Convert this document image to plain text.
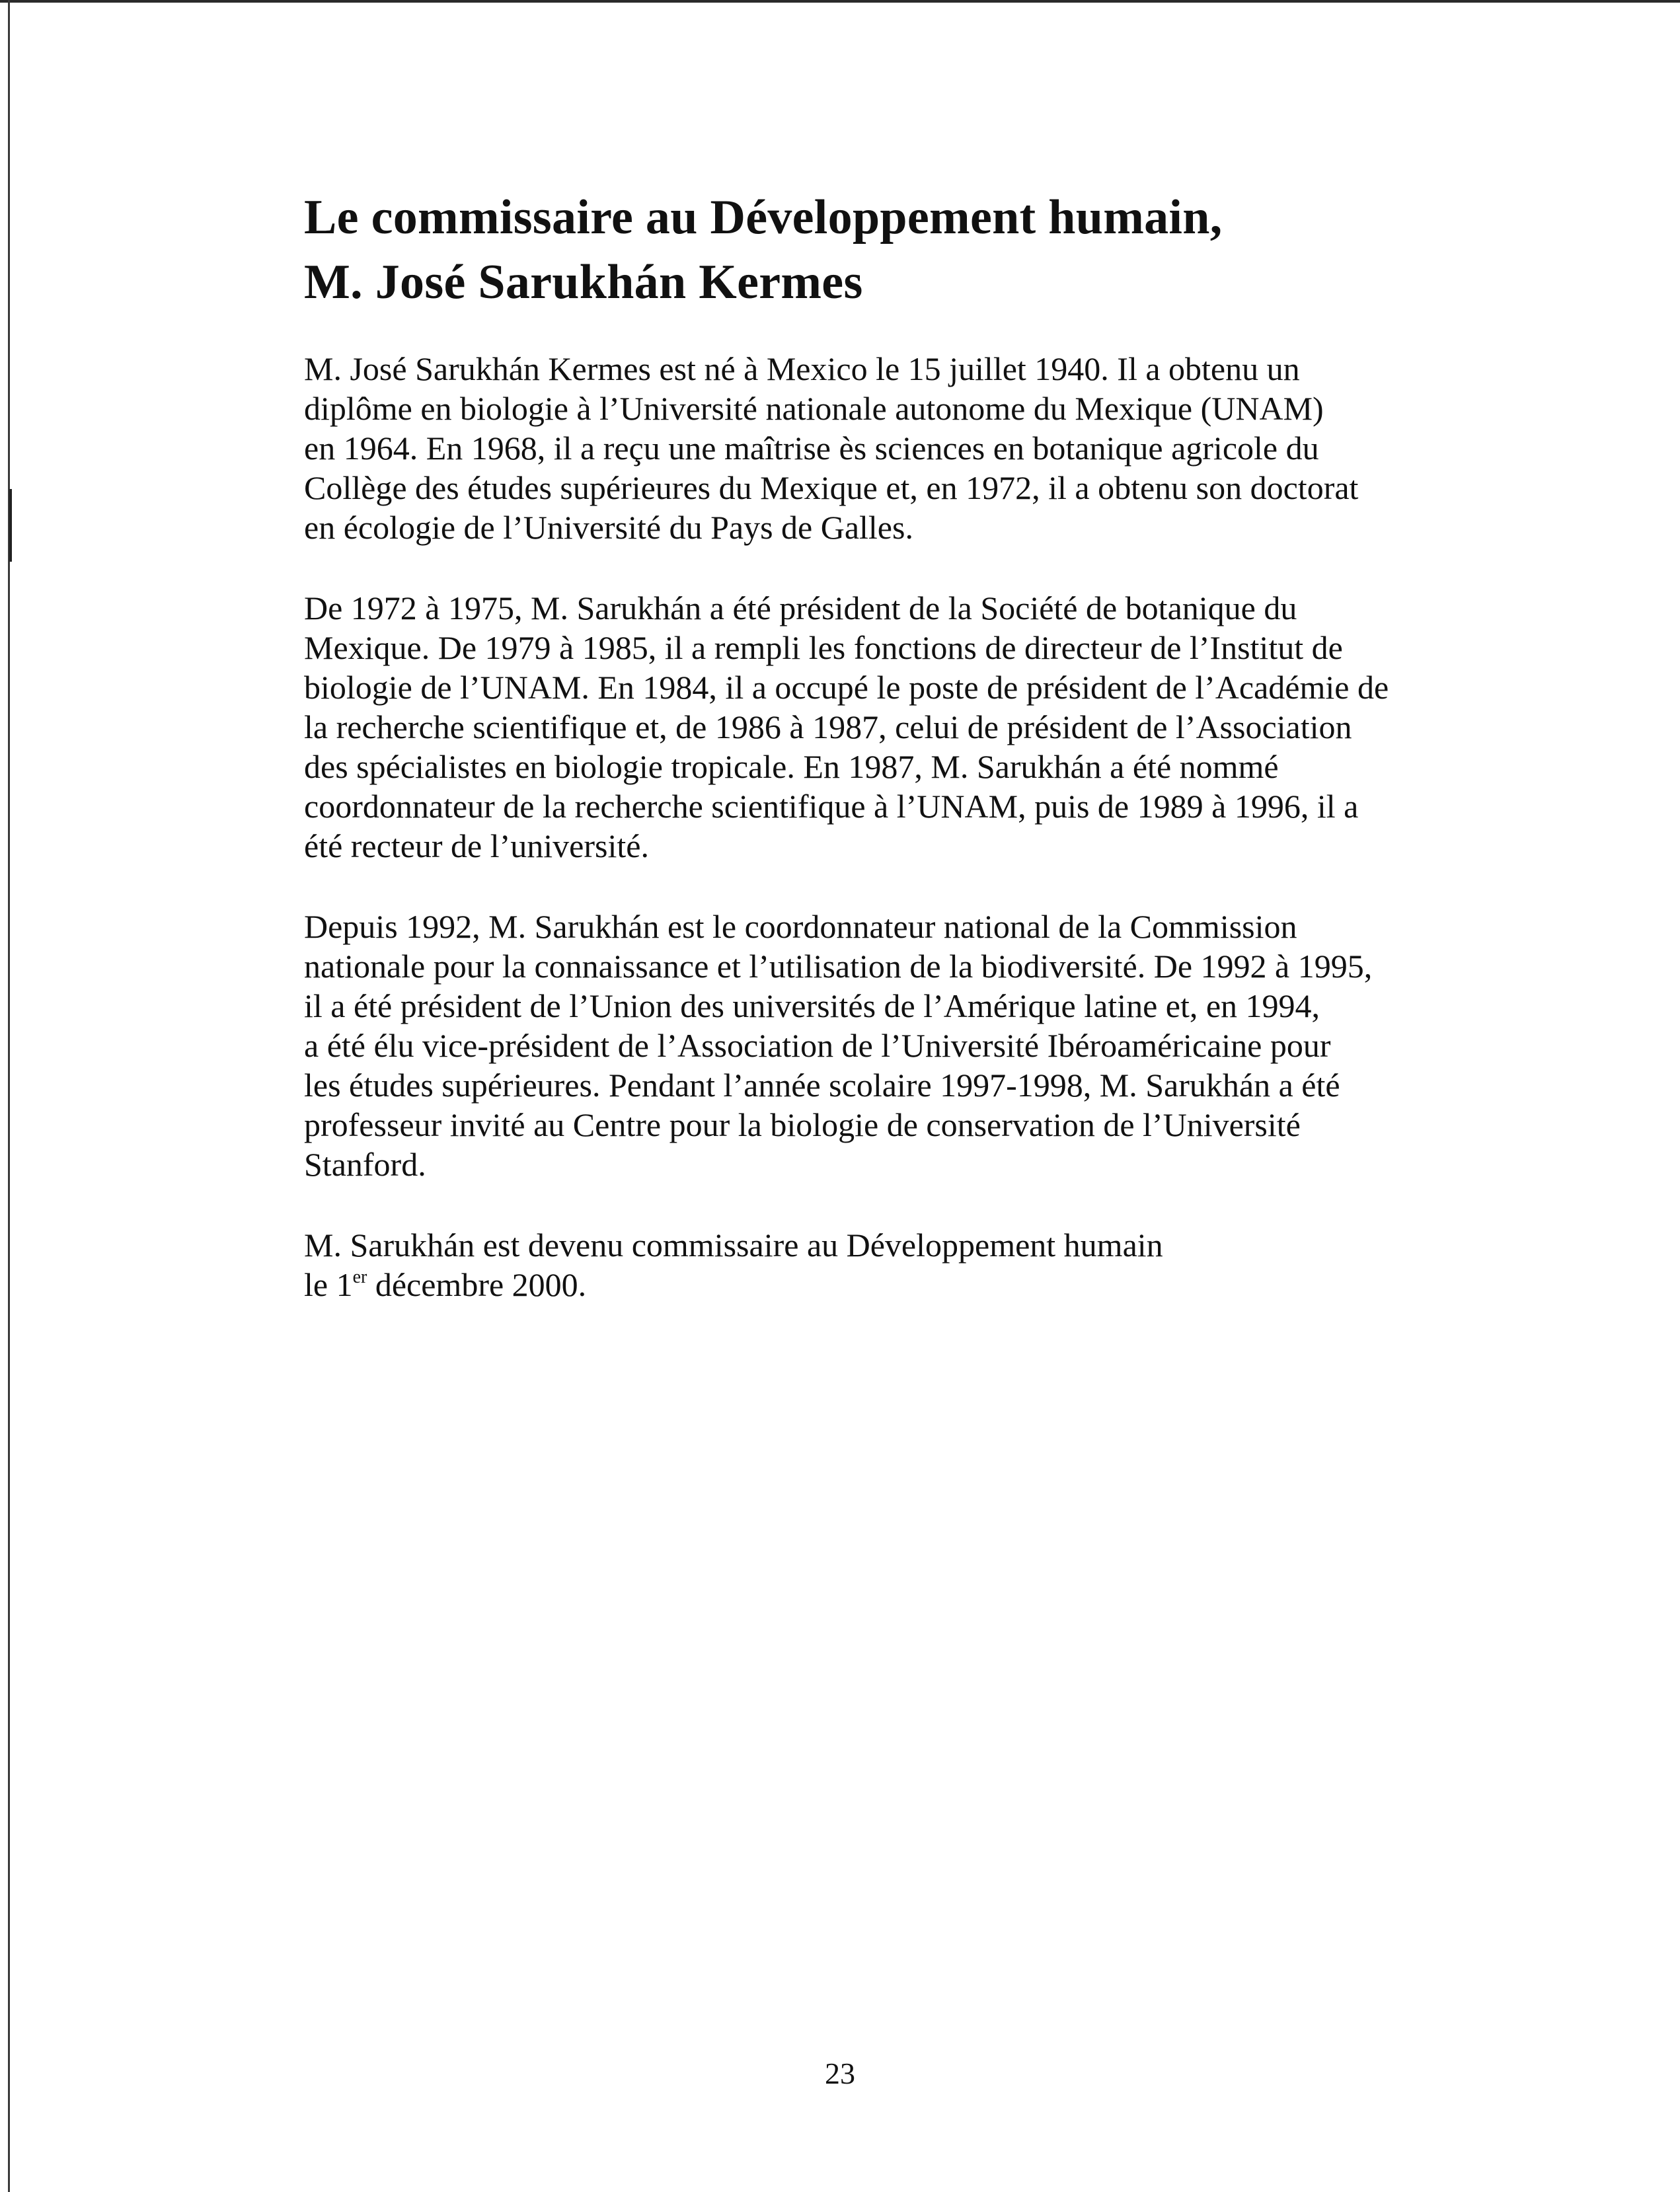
Le commissaire au Développement humain,
M. José Sarukhán Kermes
M. José Sarukhán Kermes est né à Mexico le 15 juillet 1940. Il a obtenu un
diplôme en biologie à l’Université nationale autonome du Mexique (UNAM)
en 1964. En 1968, il a reçu une maîtrise ès sciences en botanique agricole du
Collège des études supérieures du Mexique et, en 1972, il a obtenu son doctorat
en écologie de l’Université du Pays de Galles.
De 1972 à 1975, M. Sarukhán a été président de la Société de botanique du
Mexique. De 1979 à 1985, il a rempli les fonctions de directeur de l’Institut de
biologie de l’UNAM. En 1984, il a occupé le poste de président de l’Académie de
la recherche scientifique et, de 1986 à 1987, celui de président de l’Association
des spécialistes en biologie tropicale. En 1987, M. Sarukhán a été nommé
coordonnateur de la recherche scientifique à l’UNAM, puis de 1989 à 1996, il a
été recteur de l’université.
Depuis 1992, M. Sarukhán est le coordonnateur national de la Commission
nationale pour la connaissance et l’utilisation de la biodiversité. De 1992 à 1995,
il a été président de l’Union des universités de l’Amérique latine et, en 1994,
a été élu vice-président de l’Association de l’Université Ibéroaméricaine pour
les études supérieures. Pendant l’année scolaire 1997-1998, M. Sarukhán a été
professeur invité au Centre pour la biologie de conservation de l’Université
Stanford.
M. Sarukhán est devenu commissaire au Développement humain
le 1er décembre 2000.
23
